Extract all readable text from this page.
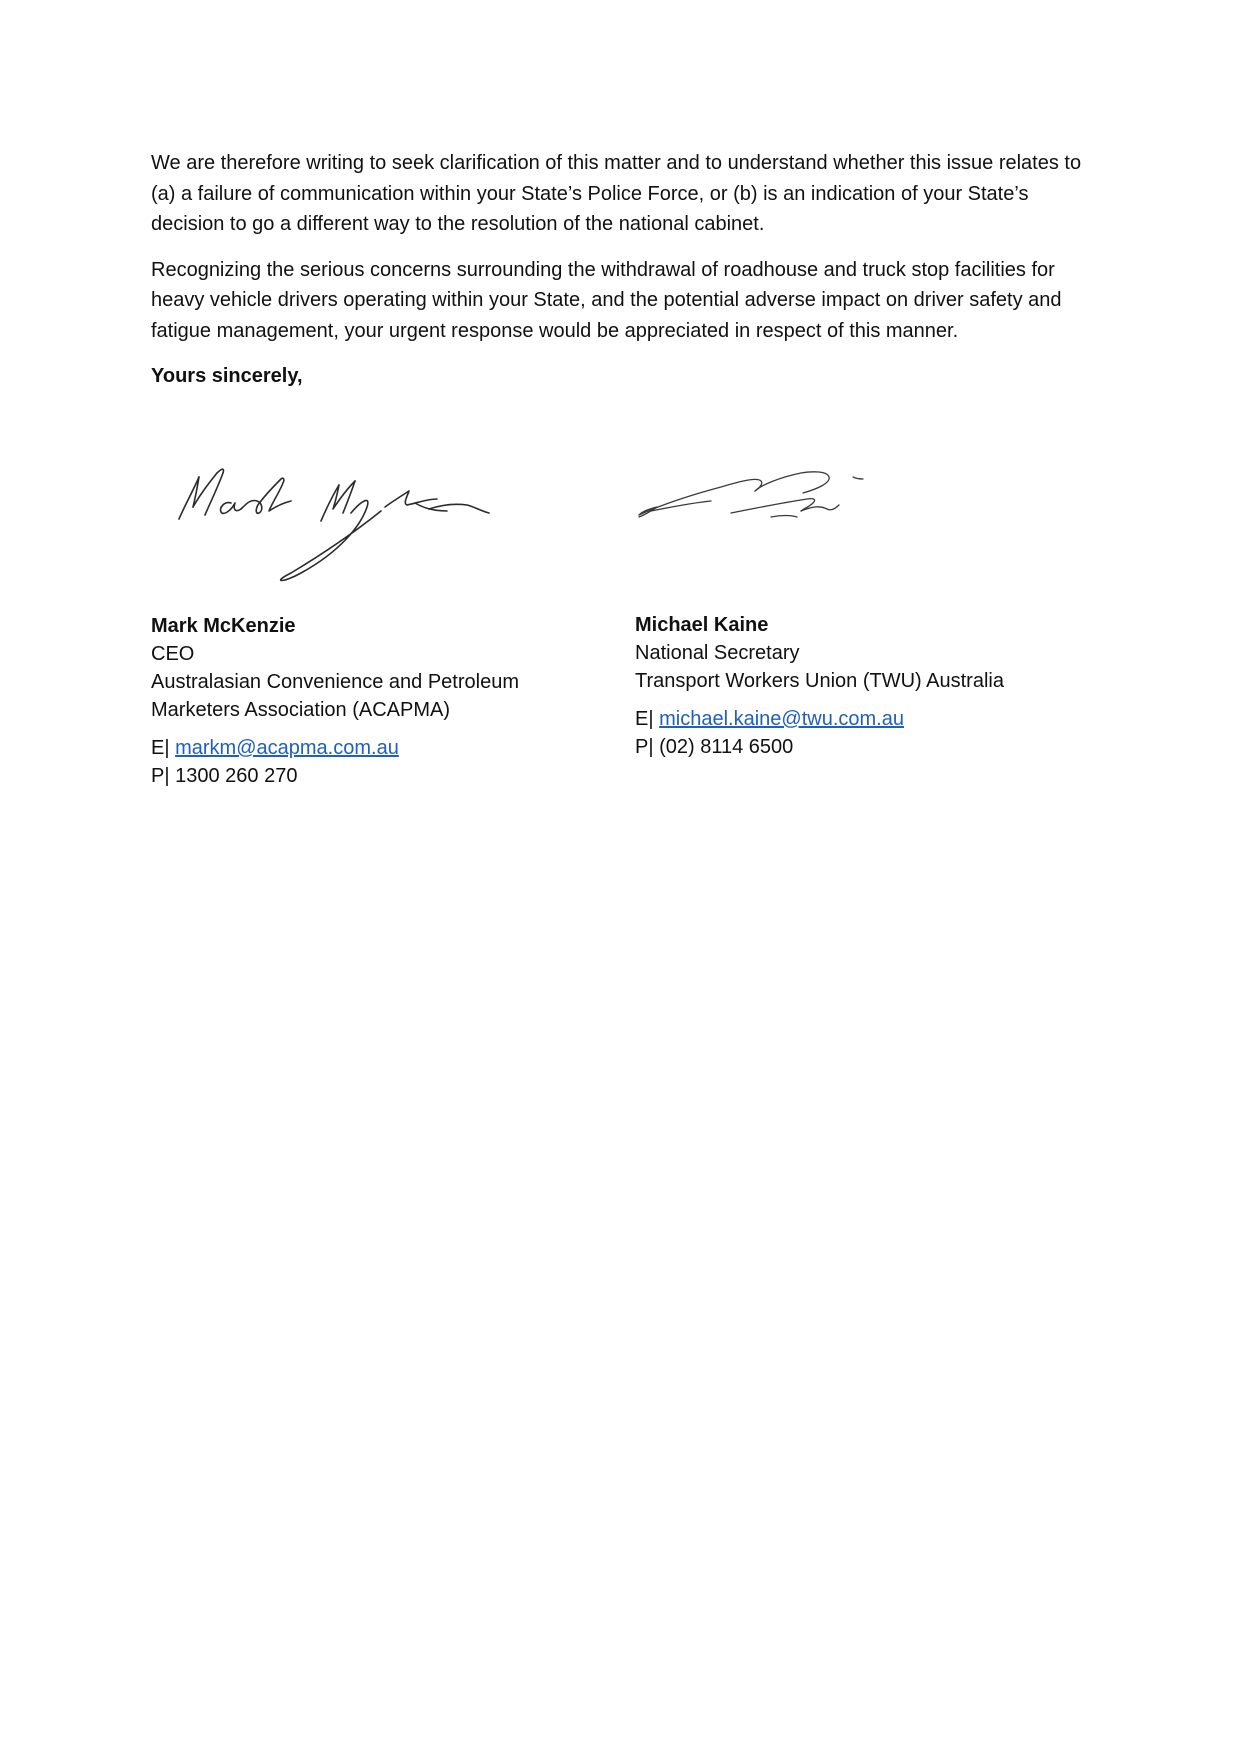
We are therefore writing to seek clarification of this matter and to understand whether this issue relates to (a) a failure of communication within your State’s Police Force, or (b) is an indication of your State’s decision to go a different way to the resolution of the national cabinet.

Recognizing the serious concerns surrounding the withdrawal of roadhouse and truck stop facilities for heavy vehicle drivers operating within your State, and the potential adverse impact on driver safety and fatigue management, your urgent response would be appreciated in respect of this manner.

Yours sincerely,

Mark McKenzie
CEO
Australasian Convenience and Petroleum
Marketers Association (ACAPMA)
E| markm@acapma.com.au
P| 1300 260 270
Michael Kaine
National Secretary
Transport Workers Union (TWU) Australia
E| michael.kaine@twu.com.au
P| (02) 8114 6500
